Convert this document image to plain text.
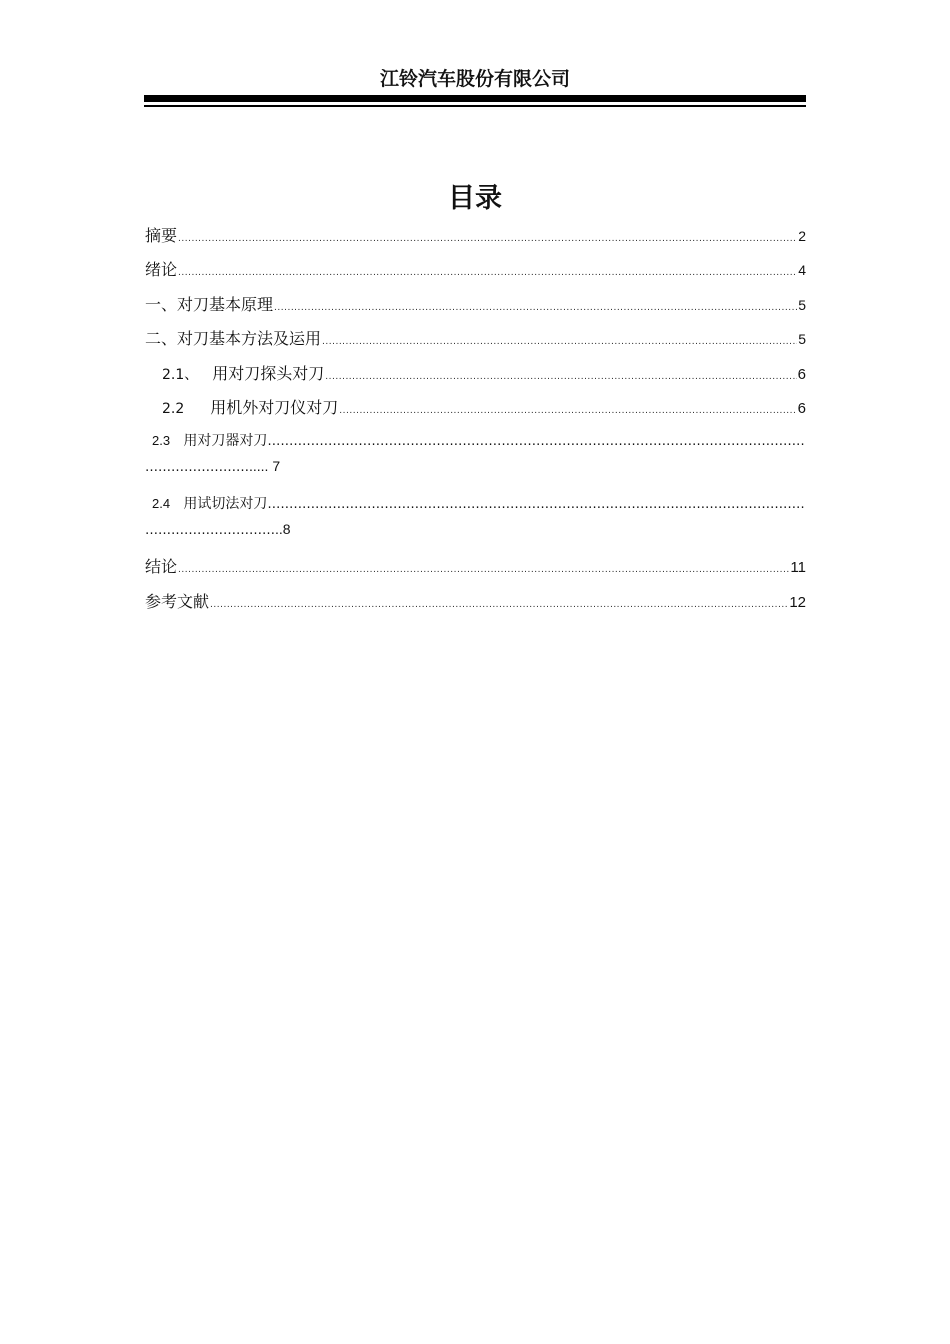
江铃汽车股份有限公司
目录
摘要 .....	2
绪论 .....	4
一、对刀基本原理 .....	5
二、对刀基本方法及运用 .....	5
2.1、 用对刀探头对刀 .....	6
2.2 用机外对刀仪对刀 .....	6
2.3 用对刀器对刀
……………………………………………………………………………………………………………………………………
…………………… ..... 7
2.4 用试切法对刀
……………………………………………………………………………………………………………………………………
………………………… ..8
结论 .....	11
参考文献 .....	12
